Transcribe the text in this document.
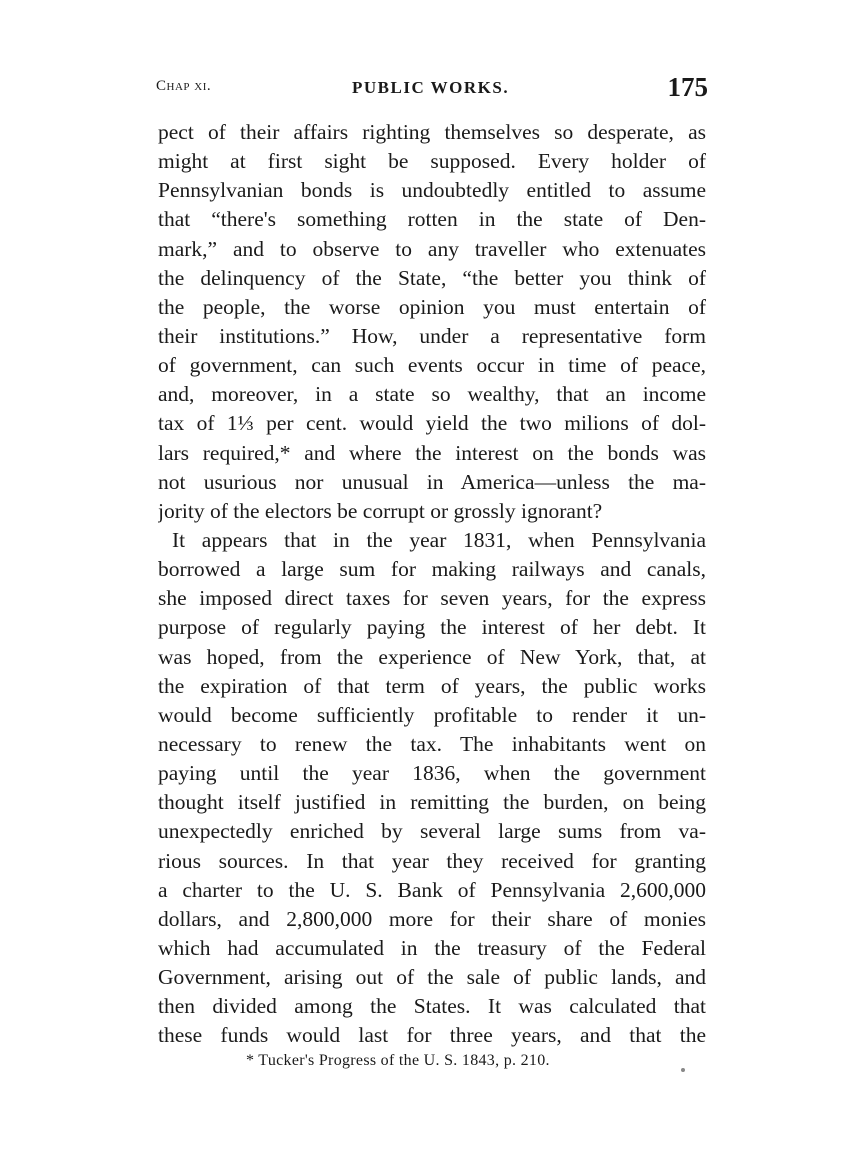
Chap xi.	PUBLIC WORKS.	175
pect of their affairs righting themselves so desperate, as
might at first sight be supposed. Every holder of
Pennsylvanian bonds is undoubtedly entitled to assume
that “there's something rotten in the state of Den-
mark,” and to observe to any traveller who extenuates
the delinquency of the State, “the better you think of
the people, the worse opinion you must entertain of
their institutions.” How, under a representative form
of government, can such events occur in time of peace,
and, moreover, in a state so wealthy, that an income
tax of 1⅓ per cent. would yield the two milions of dol-
lars required,* and where the interest on the bonds was
not usurious nor unusual in America—unless the ma-
jority of the electors be corrupt or grossly ignorant?
It appears that in the year 1831, when Pennsylvania
borrowed a large sum for making railways and canals,
she imposed direct taxes for seven years, for the express
purpose of regularly paying the interest of her debt. It
was hoped, from the experience of New York, that, at
the expiration of that term of years, the public works
would become sufficiently profitable to render it un-
necessary to renew the tax. The inhabitants went on
paying until the year 1836, when the government
thought itself justified in remitting the burden, on being
unexpectedly enriched by several large sums from va-
rious sources. In that year they received for granting
a charter to the U. S. Bank of Pennsylvania 2,600,000
dollars, and 2,800,000 more for their share of monies
which had accumulated in the treasury of the Federal
Government, arising out of the sale of public lands, and
then divided among the States. It was calculated that
these funds would last for three years, and that the
* Tucker's Progress of the U. S. 1843, p. 210.
